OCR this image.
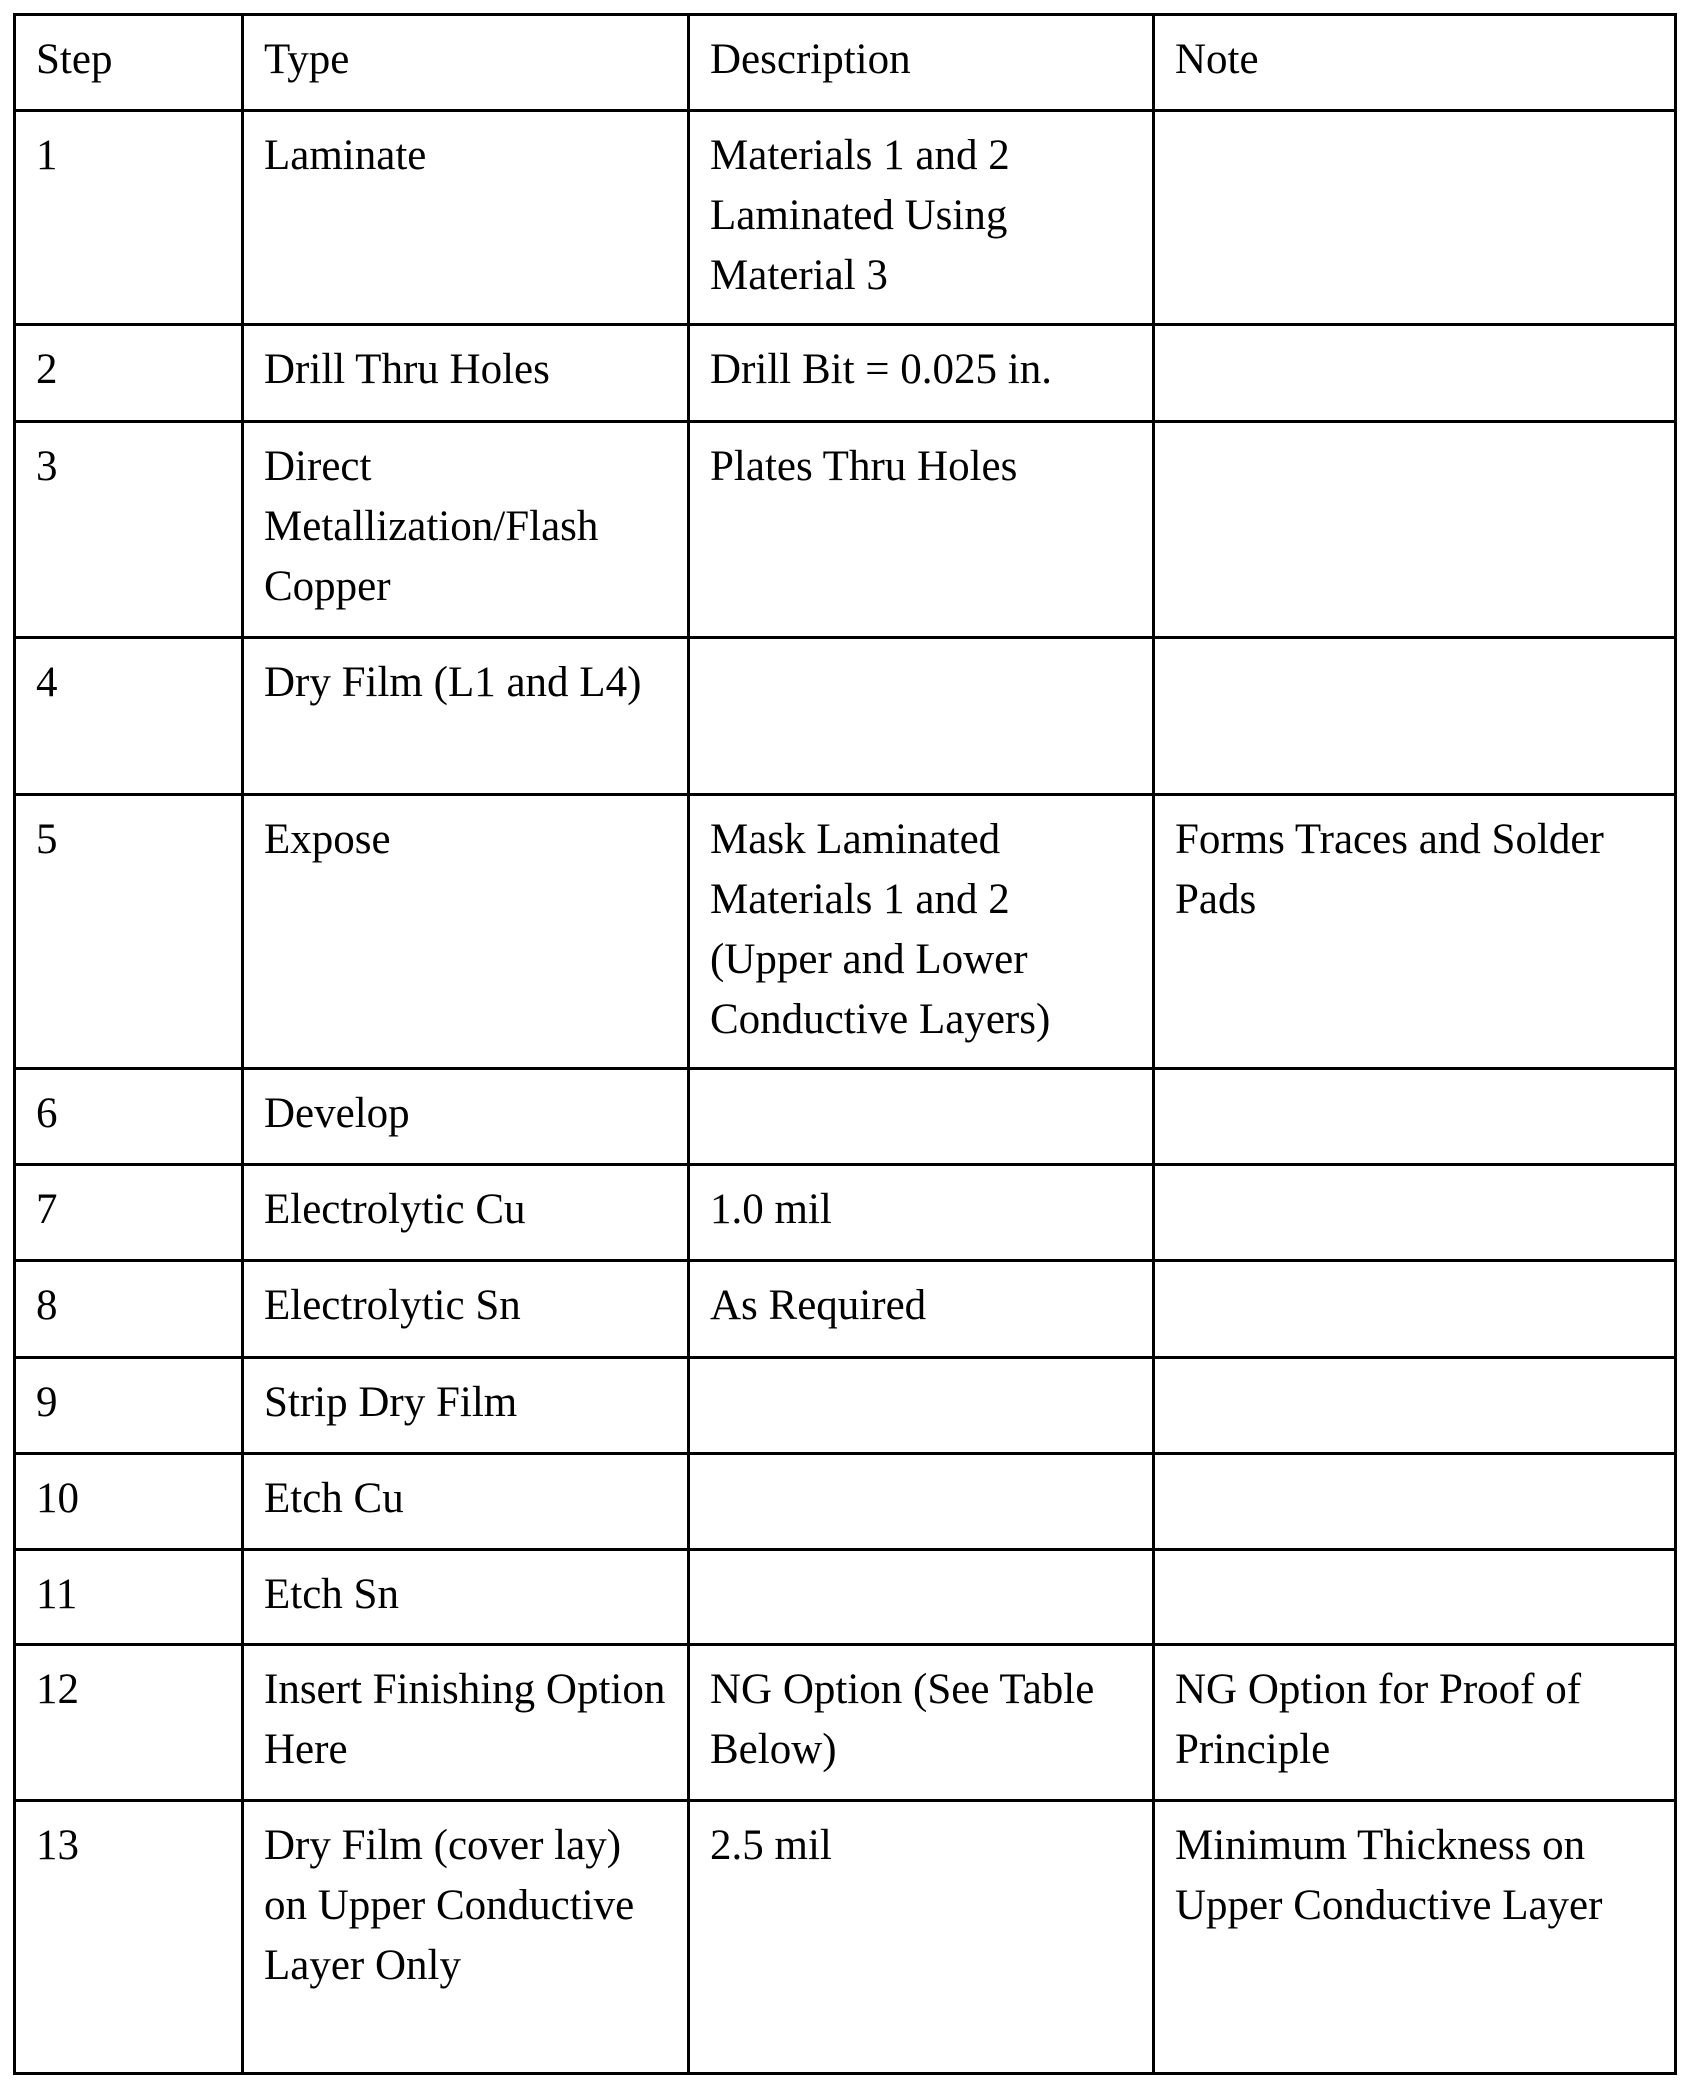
Step	Type	Description	Note
1	Laminate	Materials 1 and 2 Laminated Using Material 3	
2	Drill Thru Holes	Drill Bit = 0.025 in.	
3	Direct Metallization/Flash Copper	Plates Thru Holes	
4	Dry Film (L1 and L4)		
5	Expose	Mask Laminated Materials 1 and 2 (Upper and Lower Conductive Layers)	Forms Traces and Solder Pads
6	Develop		
7	Electrolytic Cu	1.0 mil	
8	Electrolytic Sn	As Required	
9	Strip Dry Film		
10	Etch Cu		
11	Etch Sn		
12	Insert Finishing Option Here	NG Option (See Table Below)	NG Option for Proof of Principle
13	Dry Film (cover lay) on Upper Conductive Layer Only	2.5 mil	Minimum Thickness on Upper Conductive Layer
